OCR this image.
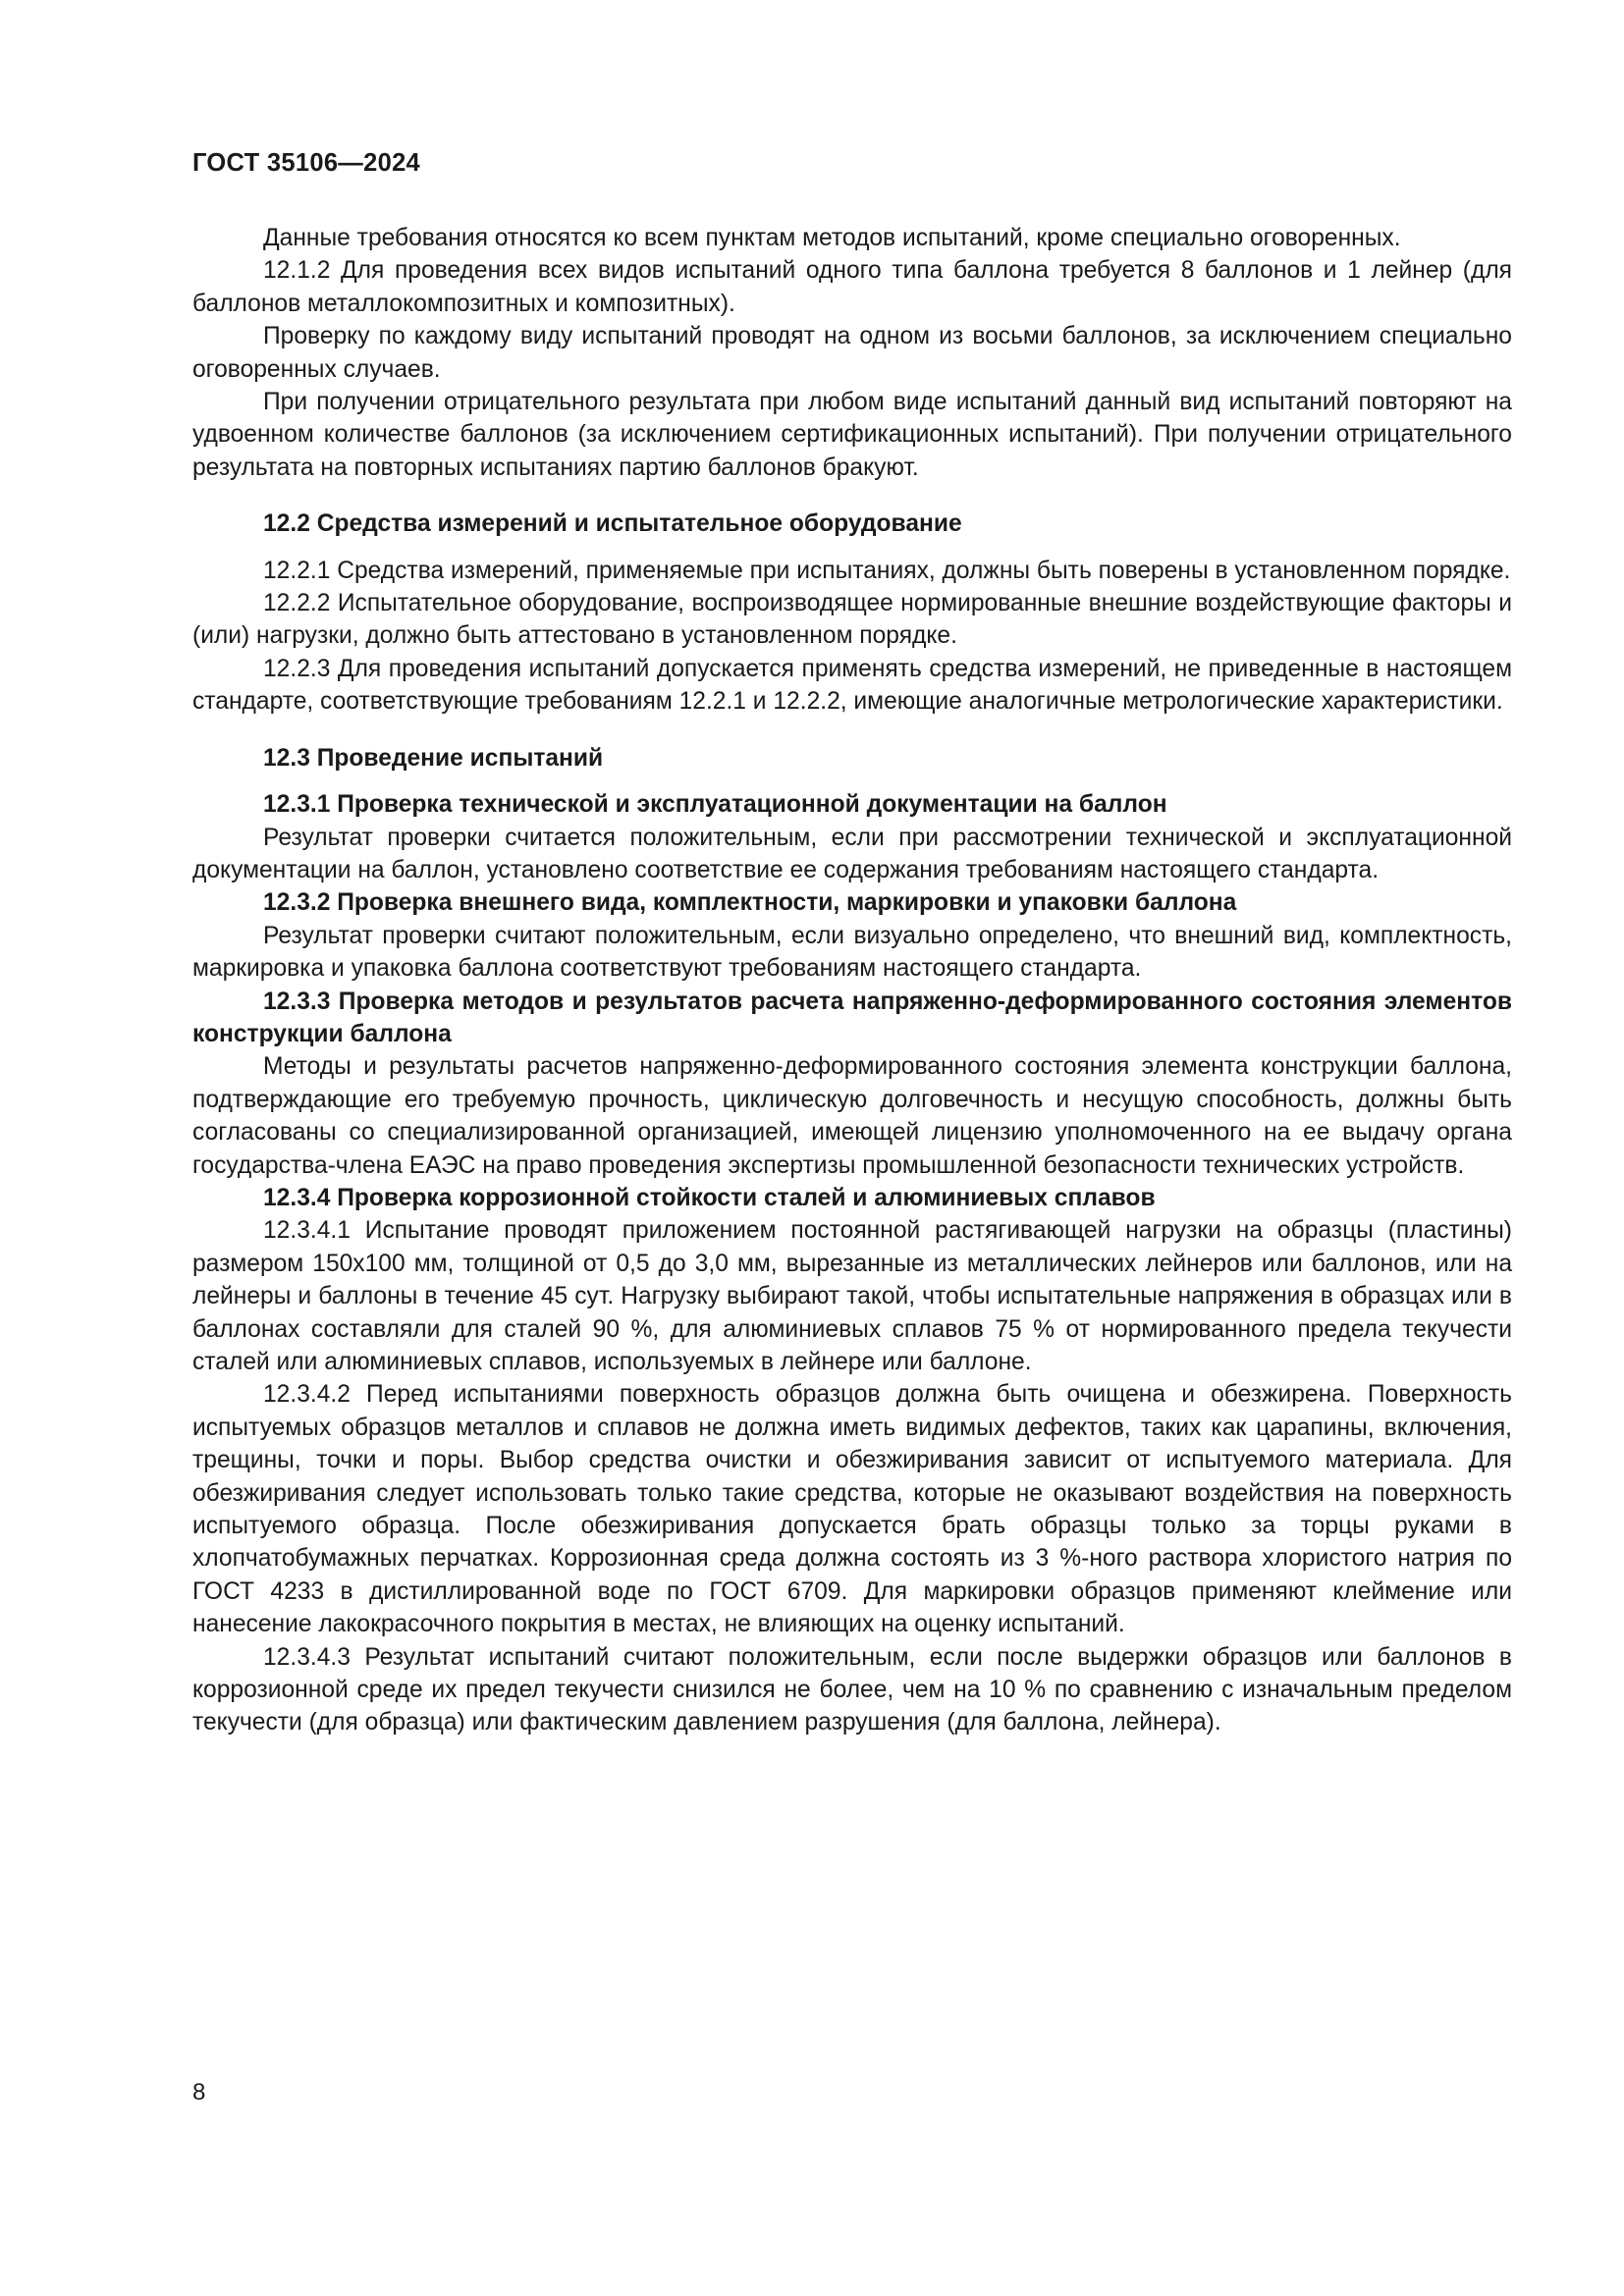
ГОСТ 35106—2024

Данные требования относятся ко всем пунктам методов испытаний, кроме специально оговоренных.

12.1.2 Для проведения всех видов испытаний одного типа баллона требуется 8 баллонов и 1 лейнер (для баллонов металлокомпозитных и композитных).

Проверку по каждому виду испытаний проводят на одном из восьми баллонов, за исключением специально оговоренных случаев.

При получении отрицательного результата при любом виде испытаний данный вид испытаний повторяют на удвоенном количестве баллонов (за исключением сертификационных испытаний). При получении отрицательного результата на повторных испытаниях партию баллонов бракуют.

12.2 Средства измерений и испытательное оборудование

12.2.1 Средства измерений, применяемые при испытаниях, должны быть поверены в установленном порядке.

12.2.2 Испытательное оборудование, воспроизводящее нормированные внешние воздействующие факторы и (или) нагрузки, должно быть аттестовано в установленном порядке.

12.2.3 Для проведения испытаний допускается применять средства измерений, не приведенные в настоящем стандарте, соответствующие требованиям 12.2.1 и 12.2.2, имеющие аналогичные метрологические характеристики.

12.3 Проведение испытаний
12.3.1 Проверка технической и эксплуатационной документации на баллон

Результат проверки считается положительным, если при рассмотрении технической и эксплуатационной документации на баллон, установлено соответствие ее содержания требованиям настоящего стандарта.

12.3.2 Проверка внешнего вида, комплектности, маркировки и упаковки баллона

Результат проверки считают положительным, если визуально определено, что внешний вид, комплектность, маркировка и упаковка баллона соответствуют требованиям настоящего стандарта.

12.3.3 Проверка методов и результатов расчета напряженно-деформированного состояния элементов конструкции баллона

Методы и результаты расчетов напряженно-деформированного состояния элемента конструкции баллона, подтверждающие его требуемую прочность, циклическую долговечность и несущую способность, должны быть согласованы со специализированной организацией, имеющей лицензию уполномоченного на ее выдачу органа государства-члена ЕАЭС на право проведения экспертизы промышленной безопасности технических устройств.

12.3.4 Проверка коррозионной стойкости сталей и алюминиевых сплавов

12.3.4.1 Испытание проводят приложением постоянной растягивающей нагрузки на образцы (пластины) размером 150x100 мм, толщиной от 0,5 до 3,0 мм, вырезанные из металлических лейнеров или баллонов, или на лейнеры и баллоны в течение 45 сут. Нагрузку выбирают такой, чтобы испытательные напряжения в образцах или в баллонах составляли для сталей 90 %, для алюминиевых сплавов 75 % от нормированного предела текучести сталей или алюминиевых сплавов, используемых в лейнере или баллоне.

12.3.4.2 Перед испытаниями поверхность образцов должна быть очищена и обезжирена. Поверхность испытуемых образцов металлов и сплавов не должна иметь видимых дефектов, таких как царапины, включения, трещины, точки и поры. Выбор средства очистки и обезжиривания зависит от испытуемого материала. Для обезжиривания следует использовать только такие средства, которые не оказывают воздействия на поверхность испытуемого образца. После обезжиривания допускается брать образцы только за торцы руками в хлопчатобумажных перчатках. Коррозионная среда должна состоять из 3 %-ного раствора хлористого натрия по ГОСТ 4233 в дистиллированной воде по ГОСТ 6709. Для маркировки образцов применяют клеймение или нанесение лакокрасочного покрытия в местах, не влияющих на оценку испытаний.

12.3.4.3 Результат испытаний считают положительным, если после выдержки образцов или баллонов в коррозионной среде их предел текучести снизился не более, чем на 10 % по сравнению с изначальным пределом текучести (для образца) или фактическим давлением разрушения (для баллона, лейнера).

8
